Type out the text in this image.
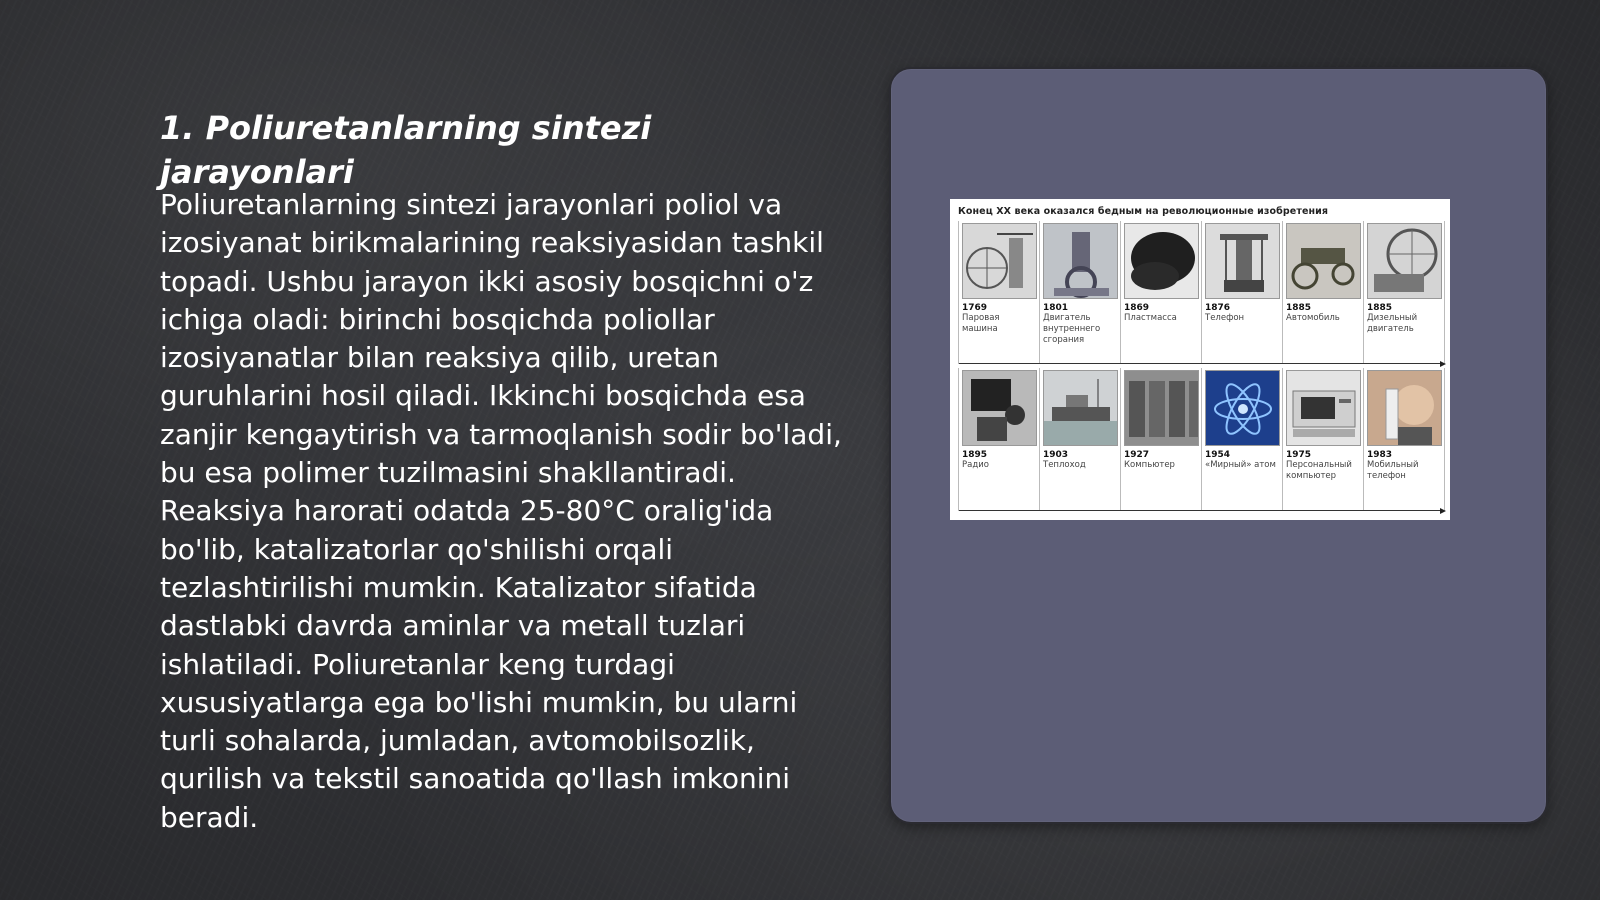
1. Poliuretanlarning sintezi jarayonlari
Poliuretanlarning sintezi jarayonlari poliol va izosiyanat birikmalarining reaksiyasidan tashkil topadi. Ushbu jarayon ikki asosiy bosqichni o'z ichiga oladi: birinchi bosqichda poliollar izosiyanatlar bilan reaksiya qilib, uretan guruhlarini hosil qiladi. Ikkinchi bosqichda esa zanjir kengaytirish va tarmoqlanish sodir bo'ladi, bu esa polimer tuzilmasini shakllantiradi. Reaksiya harorati odatda 25-80°C oralig'ida bo'lib, katalizatorlar qo'shilishi orqali tezlashtirilishi mumkin. Katalizator sifatida dastlabki davrda aminlar va metall tuzlari ishlatiladi. Poliuretanlar keng turdagi xususiyatlarga ega bo'lishi mumkin, bu ularni turli sohalarda, jumladan, avtomobilsozlik, qurilish va tekstil sanoatida qo'llash imkonini beradi.
Конец XX века оказался бедным на революционные изобретения
1769
Паровая машина
1801
Двигатель внутреннего сгорания
1869
Пластмасса
1876
Телефон
1885
Автомобиль
1885
Дизельный двигатель
1895
Радио
1903
Теплоход
1927
Компьютер
1954
«Мирный» атом
1975
Персональный компьютер
1983
Мобильный телефон
